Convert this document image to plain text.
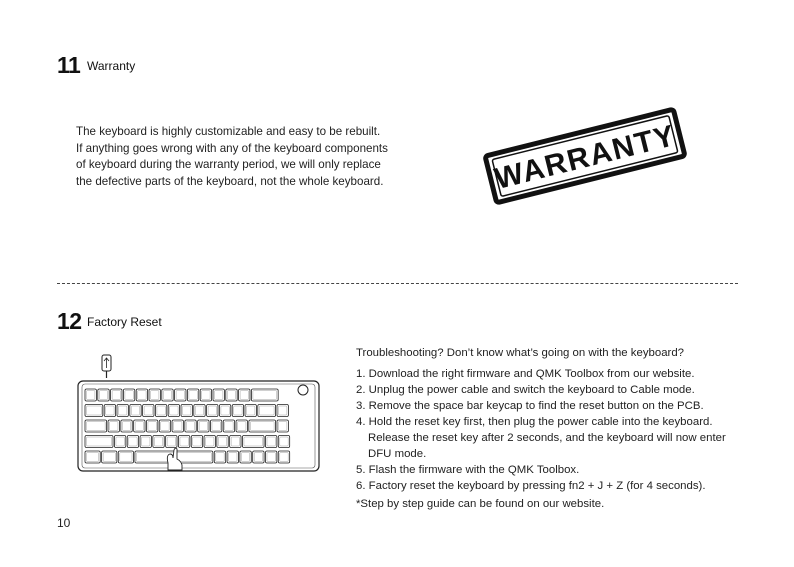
11 Warranty
The keyboard is highly customizable and easy to be rebuilt.
If anything goes wrong with any of the keyboard components
of keyboard during the warranty period, we will only replace
the defective parts of the keyboard, not the whole keyboard.	WARRANTY
12 Factory Reset
Troubleshooting? Don’t know what’s going on with the keyboard?
1. Download the right firmware and QMK Toolbox from our website.
2. Unplug the power cable and switch the keyboard to Cable mode.
3. Remove the space bar keycap to find the reset button on the PCB.
4. Hold the reset key first, then plug the power cable into the keyboard.
Release the reset key after 2 seconds, and the keyboard will now enter
DFU mode.
5. Flash the firmware with the QMK Toolbox.
6. Factory reset the keyboard by pressing fn2 + J + Z (for 4 seconds).
*Step by step guide can be found on our website.
10
